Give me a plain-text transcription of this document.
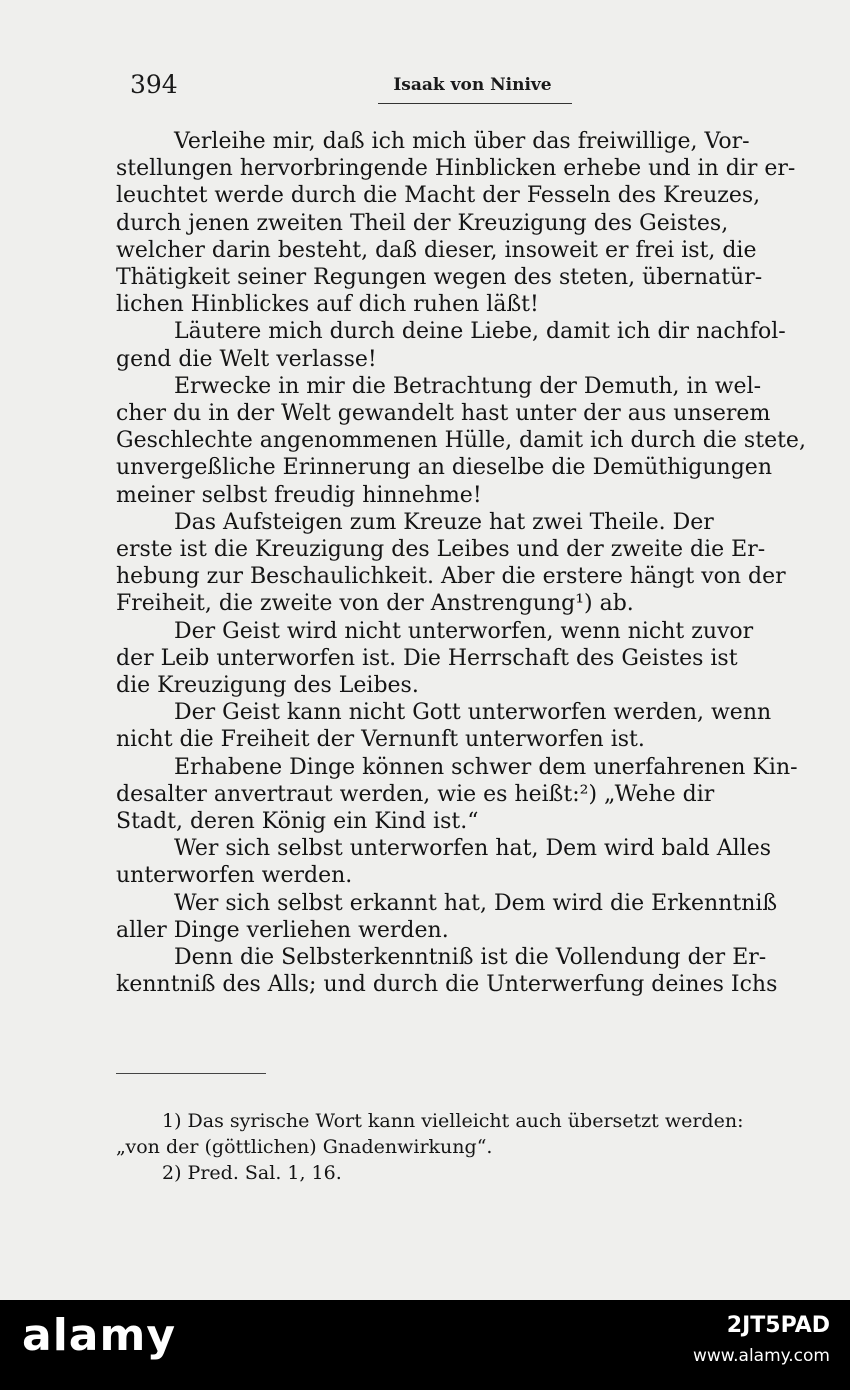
394	Isaak von Ninive
Verleihe mir, daß ich mich über das freiwillige, Vor-
stellungen hervorbringende Hinblicken erhebe und in dir er-
leuchtet werde durch die Macht der Fesseln des Kreuzes,
durch jenen zweiten Theil der Kreuzigung des Geistes,
welcher darin besteht, daß dieser, insoweit er frei ist, die
Thätigkeit seiner Regungen wegen des steten, übernatür-
lichen Hinblickes auf dich ruhen läßt!
Läutere mich durch deine Liebe, damit ich dir nachfol-
gend die Welt verlasse!
Erwecke in mir die Betrachtung der Demuth, in wel-
cher du in der Welt gewandelt hast unter der aus unserem
Geschlechte angenommenen Hülle, damit ich durch die stete,
unvergeßliche Erinnerung an dieselbe die Demüthigungen
meiner selbst freudig hinnehme!
Das Aufsteigen zum Kreuze hat zwei Theile. Der
erste ist die Kreuzigung des Leibes und der zweite die Er-
hebung zur Beschaulichkeit. Aber die erstere hängt von der
Freiheit, die zweite von der Anstrengung¹) ab.
Der Geist wird nicht unterworfen, wenn nicht zuvor
der Leib unterworfen ist. Die Herrschaft des Geistes ist
die Kreuzigung des Leibes.
Der Geist kann nicht Gott unterworfen werden, wenn
nicht die Freiheit der Vernunft unterworfen ist.
Erhabene Dinge können schwer dem unerfahrenen Kin-
desalter anvertraut werden, wie es heißt:²) „Wehe dir
Stadt, deren König ein Kind ist.“
Wer sich selbst unterworfen hat, Dem wird bald Alles
unterworfen werden.
Wer sich selbst erkannt hat, Dem wird die Erkenntniß
aller Dinge verliehen werden.
Denn die Selbsterkenntniß ist die Vollendung der Er-
kenntniß des Alls; und durch die Unterwerfung deines Ichs
1) Das syrische Wort kann vielleicht auch übersetzt werden:
„von der (göttlichen) Gnadenwirkung“.
2) Pred. Sal. 1, 16.
alamy	2JT5PAD
www.alamy.com
